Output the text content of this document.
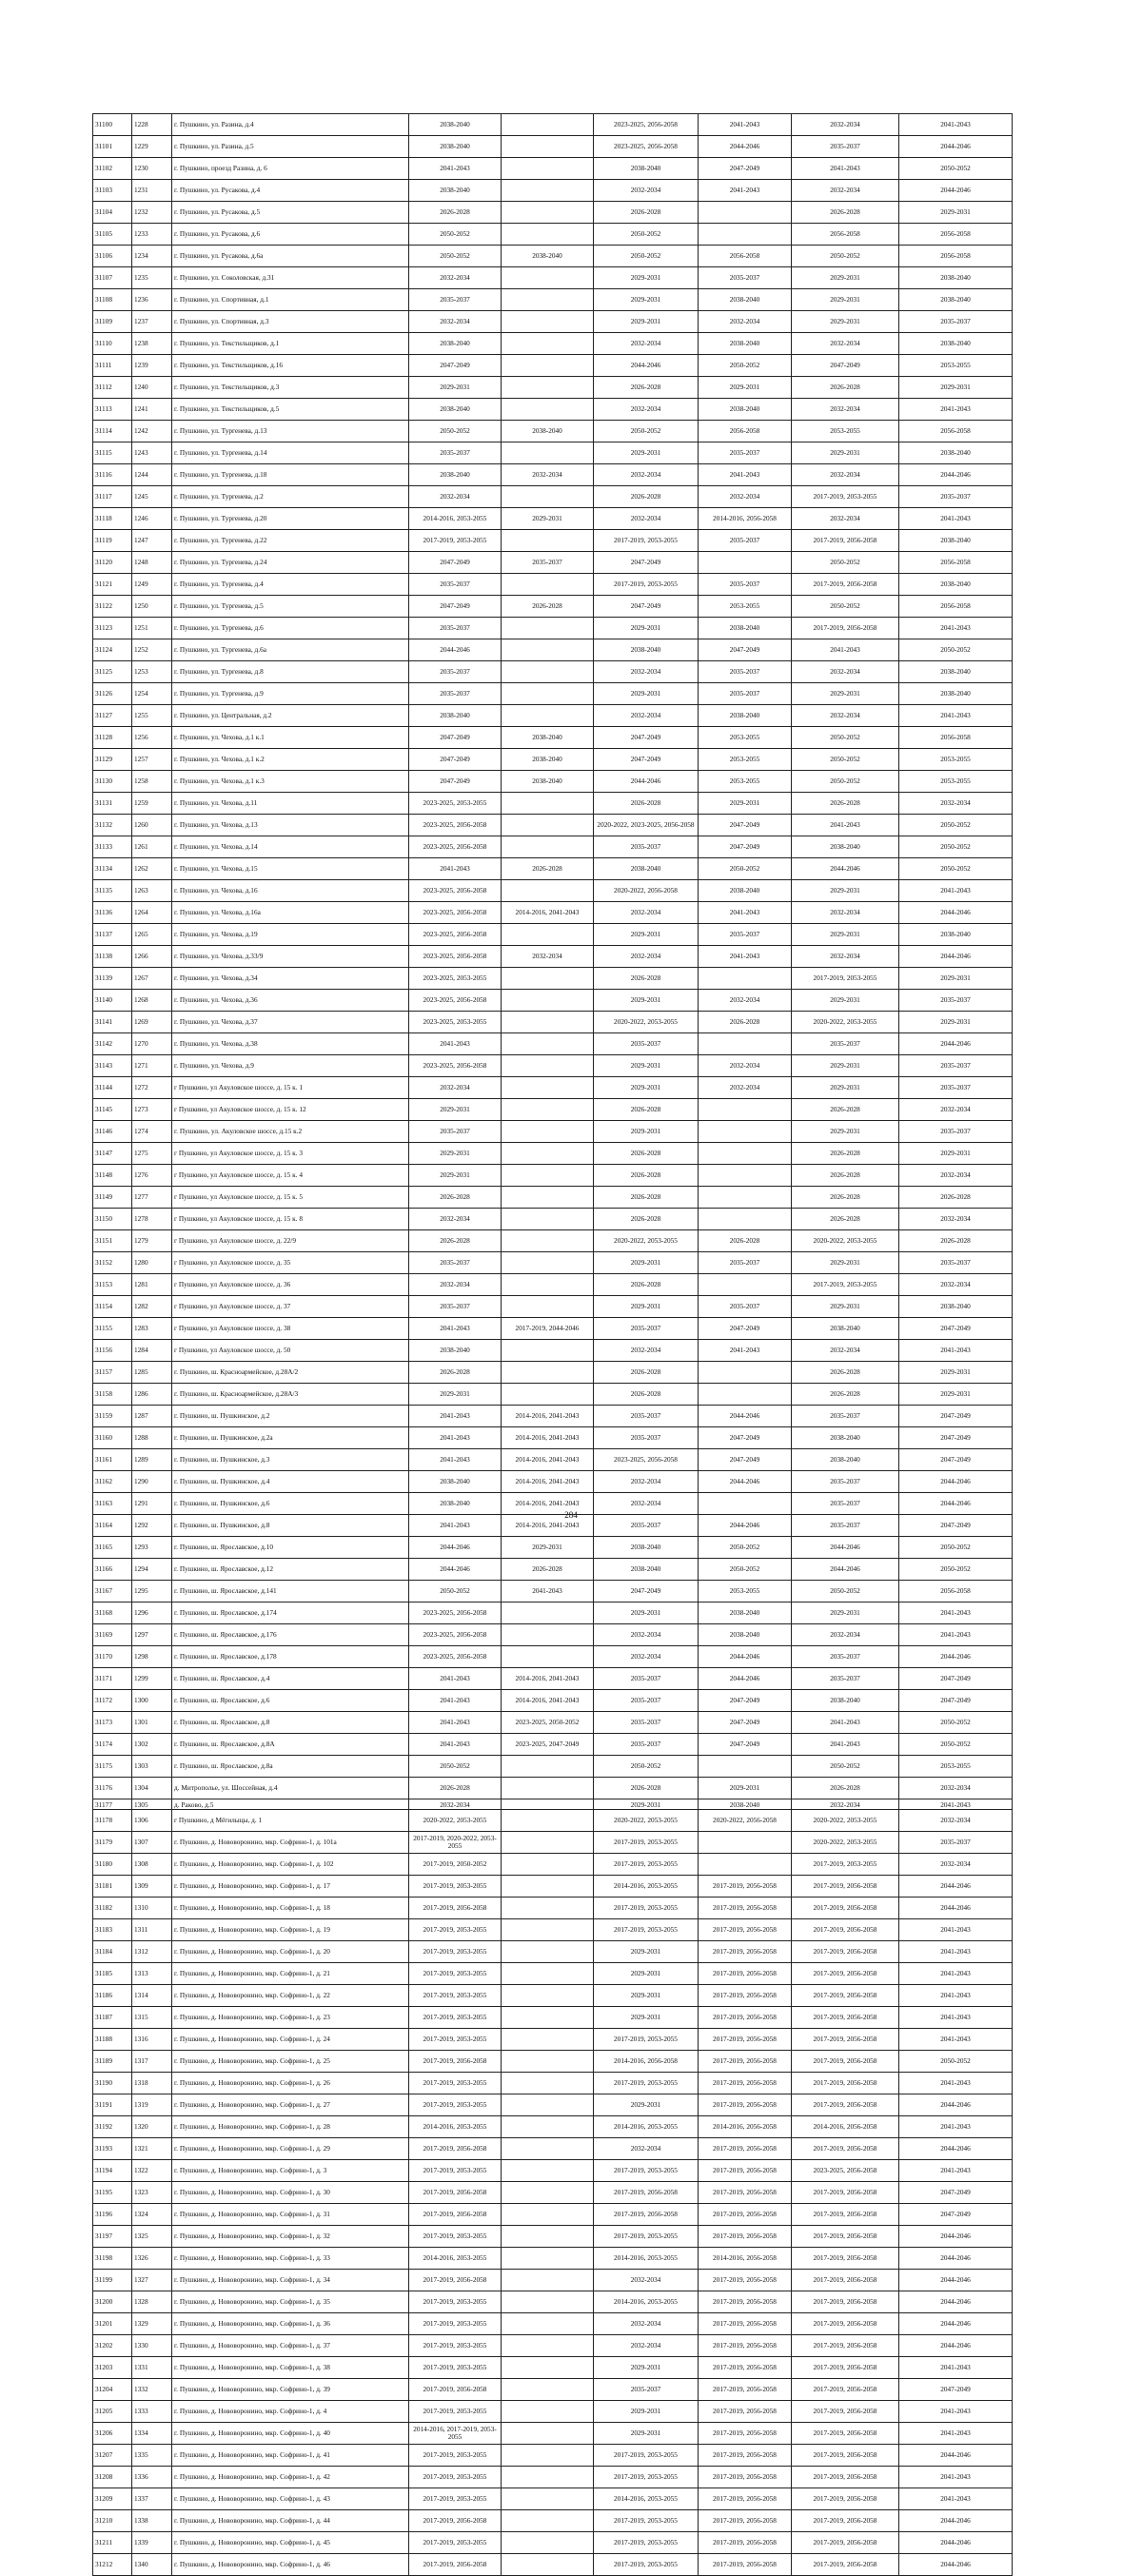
31100	1228	г. Пушкино, ул. Разина, д.4	2038-2040		2023-2025, 2056-2058	2041-2043	2032-2034	2041-2043
31101	1229	г. Пушкино, ул. Разина, д.5	2038-2040		2023-2025, 2056-2058	2044-2046	2035-2037	2044-2046
31102	1230	г. Пушкино, проезд Разина, д. 6	2041-2043		2038-2040	2047-2049	2041-2043	2050-2052
31103	1231	г. Пушкино, ул. Русакова, д.4	2038-2040		2032-2034	2041-2043	2032-2034	2044-2046
31104	1232	г. Пушкино, ул. Русакова, д.5	2026-2028		2026-2028		2026-2028	2029-2031
31105	1233	г. Пушкино, ул. Русакова, д.6	2050-2052		2050-2052		2056-2058	2056-2058
31106	1234	г. Пушкино, ул. Русакова, д.6а	2050-2052	2038-2040	2050-2052	2056-2058	2050-2052	2056-2058
31107	1235	г. Пушкино, ул. Соколовская, д.31	2032-2034		2029-2031	2035-2037	2029-2031	2038-2040
31108	1236	г. Пушкино, ул. Спортивная, д.1	2035-2037		2029-2031	2038-2040	2029-2031	2038-2040
31109	1237	г. Пушкино, ул. Спортивная, д.3	2032-2034		2029-2031	2032-2034	2029-2031	2035-2037
31110	1238	г. Пушкино, ул. Текстильщиков, д.1	2038-2040		2032-2034	2038-2040	2032-2034	2038-2040
31111	1239	г. Пушкино, ул. Текстильщиков, д.16	2047-2049		2044-2046	2050-2052	2047-2049	2053-2055
31112	1240	г. Пушкино, ул. Текстильщиков, д.3	2029-2031		2026-2028	2029-2031	2026-2028	2029-2031
31113	1241	г. Пушкино, ул. Текстильщиков, д.5	2038-2040		2032-2034	2038-2040	2032-2034	2041-2043
31114	1242	г. Пушкино, ул. Тургенева, д.13	2050-2052	2038-2040	2050-2052	2056-2058	2053-2055	2056-2058
31115	1243	г. Пушкино, ул. Тургенева, д.14	2035-2037		2029-2031	2035-2037	2029-2031	2038-2040
31116	1244	г. Пушкино, ул. Тургенева, д.18	2038-2040	2032-2034	2032-2034	2041-2043	2032-2034	2044-2046
31117	1245	г. Пушкино, ул. Тургенева, д.2	2032-2034		2026-2028	2032-2034	2017-2019, 2053-2055	2035-2037
31118	1246	г. Пушкино, ул. Тургенева, д.20	2014-2016, 2053-2055	2029-2031	2032-2034	2014-2016, 2056-2058	2032-2034	2041-2043
31119	1247	г. Пушкино, ул. Тургенева, д.22	2017-2019, 2053-2055		2017-2019, 2053-2055	2035-2037	2017-2019, 2056-2058	2038-2040
31120	1248	г. Пушкино, ул. Тургенева, д.24	2047-2049	2035-2037	2047-2049		2050-2052	2056-2058
31121	1249	г. Пушкино, ул. Тургенева, д.4	2035-2037		2017-2019, 2053-2055	2035-2037	2017-2019, 2056-2058	2038-2040
31122	1250	г. Пушкино, ул. Тургенева, д.5	2047-2049	2026-2028	2047-2049	2053-2055	2050-2052	2056-2058
31123	1251	г. Пушкино, ул. Тургенева, д.6	2035-2037		2029-2031	2038-2040	2017-2019, 2056-2058	2041-2043
31124	1252	г. Пушкино, ул. Тургенева, д.6а	2044-2046		2038-2040	2047-2049	2041-2043	2050-2052
31125	1253	г. Пушкино, ул. Тургенева, д.8	2035-2037		2032-2034	2035-2037	2032-2034	2038-2040
31126	1254	г. Пушкино, ул. Тургенева, д.9	2035-2037		2029-2031	2035-2037	2029-2031	2038-2040
31127	1255	г. Пушкино, ул. Центральная, д.2	2038-2040		2032-2034	2038-2040	2032-2034	2041-2043
31128	1256	г. Пушкино, ул. Чехова, д.1 к.1	2047-2049	2038-2040	2047-2049	2053-2055	2050-2052	2056-2058
31129	1257	г. Пушкино, ул. Чехова, д.1 к.2	2047-2049	2038-2040	2047-2049	2053-2055	2050-2052	2053-2055
31130	1258	г. Пушкино, ул. Чехова, д.1 к.3	2047-2049	2038-2040	2044-2046	2053-2055	2050-2052	2053-2055
31131	1259	г. Пушкино, ул. Чехова, д.11	2023-2025, 2053-2055		2026-2028	2029-2031	2026-2028	2032-2034
31132	1260	г. Пушкино, ул. Чехова, д.13	2023-2025, 2056-2058		2020-2022, 2023-2025, 2056-2058	2047-2049	2041-2043	2050-2052
31133	1261	г. Пушкино, ул. Чехова, д.14	2023-2025, 2056-2058		2035-2037	2047-2049	2038-2040	2050-2052
31134	1262	г. Пушкино, ул. Чехова, д.15	2041-2043	2026-2028	2038-2040	2050-2052	2044-2046	2050-2052
31135	1263	г. Пушкино, ул. Чехова, д.16	2023-2025, 2056-2058		2020-2022, 2056-2058	2038-2040	2029-2031	2041-2043
31136	1264	г. Пушкино, ул. Чехова, д.16а	2023-2025, 2056-2058	2014-2016, 2041-2043	2032-2034	2041-2043	2032-2034	2044-2046
31137	1265	г. Пушкино, ул. Чехова, д.19	2023-2025, 2056-2058		2029-2031	2035-2037	2029-2031	2038-2040
31138	1266	г. Пушкино, ул. Чехова, д.33/9	2023-2025, 2056-2058	2032-2034	2032-2034	2041-2043	2032-2034	2044-2046
31139	1267	г. Пушкино, ул. Чехова, д.34	2023-2025, 2053-2055		2026-2028		2017-2019, 2053-2055	2029-2031
31140	1268	г. Пушкино, ул. Чехова, д.36	2023-2025, 2056-2058		2029-2031	2032-2034	2029-2031	2035-2037
31141	1269	г. Пушкино, ул. Чехова, д.37	2023-2025, 2053-2055		2020-2022, 2053-2055	2026-2028	2020-2022, 2053-2055	2029-2031
31142	1270	г. Пушкино, ул. Чехова, д.38	2041-2043		2035-2037		2035-2037	2044-2046
31143	1271	г. Пушкино, ул. Чехова, д.9	2023-2025, 2056-2058		2029-2031	2032-2034	2029-2031	2035-2037
31144	1272	г Пушкино, ул Акуловское шоссе, д. 15 к. 1	2032-2034		2029-2031	2032-2034	2029-2031	2035-2037
31145	1273	г Пушкино, ул Акуловское шоссе, д. 15 к. 12	2029-2031		2026-2028		2026-2028	2032-2034
31146	1274	г. Пушкино, ул. Акуловское шоссе, д.15 к.2	2035-2037		2029-2031		2029-2031	2035-2037
31147	1275	г Пушкино, ул Акуловское шоссе, д. 15 к. 3	2029-2031		2026-2028		2026-2028	2029-2031
31148	1276	г Пушкино, ул Акуловское шоссе, д. 15 к. 4	2029-2031		2026-2028		2026-2028	2032-2034
31149	1277	г Пушкино, ул Акуловское шоссе, д. 15 к. 5	2026-2028		2026-2028		2026-2028	2026-2028
31150	1278	г Пушкино, ул Акуловское шоссе, д. 15 к. 8	2032-2034		2026-2028		2026-2028	2032-2034
31151	1279	г Пушкино, ул Акуловское шоссе, д. 22/9	2026-2028		2020-2022, 2053-2055	2026-2028	2020-2022, 2053-2055	2026-2028
31152	1280	г Пушкино, ул Акуловское шоссе, д. 35	2035-2037		2029-2031	2035-2037	2029-2031	2035-2037
31153	1281	г Пушкино, ул Акуловское шоссе, д. 36	2032-2034		2026-2028		2017-2019, 2053-2055	2032-2034
31154	1282	г Пушкино, ул Акуловское шоссе, д. 37	2035-2037		2029-2031	2035-2037	2029-2031	2038-2040
31155	1283	г Пушкино, ул Акуловское шоссе, д. 38	2041-2043	2017-2019, 2044-2046	2035-2037	2047-2049	2038-2040	2047-2049
31156	1284	г Пушкино, ул Акуловское шоссе, д. 50	2038-2040		2032-2034	2041-2043	2032-2034	2041-2043
31157	1285	г. Пушкино, ш. Красноармейское, д.28А/2	2026-2028		2026-2028		2026-2028	2029-2031
31158	1286	г. Пушкино, ш. Красноармейское, д.28А/3	2029-2031		2026-2028		2026-2028	2029-2031
31159	1287	г. Пушкино, ш. Пушкинское, д.2	2041-2043	2014-2016, 2041-2043	2035-2037	2044-2046	2035-2037	2047-2049
31160	1288	г. Пушкино, ш. Пушкинское, д.2а	2041-2043	2014-2016, 2041-2043	2035-2037	2047-2049	2038-2040	2047-2049
31161	1289	г. Пушкино, ш. Пушкинское, д.3	2041-2043	2014-2016, 2041-2043	2023-2025, 2056-2058	2047-2049	2038-2040	2047-2049
31162	1290	г. Пушкино, ш. Пушкинское, д.4	2038-2040	2014-2016, 2041-2043	2032-2034	2044-2046	2035-2037	2044-2046
31163	1291	г. Пушкино, ш. Пушкинское, д.6	2038-2040	2014-2016, 2041-2043	2032-2034		2035-2037	2044-2046
31164	1292	г. Пушкино, ш. Пушкинское, д.8	2041-2043	2014-2016, 2041-2043	2035-2037	2044-2046	2035-2037	2047-2049
31165	1293	г. Пушкино, ш. Ярославское, д.10	2044-2046	2029-2031	2038-2040	2050-2052	2044-2046	2050-2052
31166	1294	г. Пушкино, ш. Ярославское, д.12	2044-2046	2026-2028	2038-2040	2050-2052	2044-2046	2050-2052
31167	1295	г. Пушкино, ш. Ярославское, д.141	2050-2052	2041-2043	2047-2049	2053-2055	2050-2052	2056-2058
31168	1296	г. Пушкино, ш. Ярославское, д.174	2023-2025, 2056-2058		2029-2031	2038-2040	2029-2031	2041-2043
31169	1297	г. Пушкино, ш. Ярославское, д.176	2023-2025, 2056-2058		2032-2034	2038-2040	2032-2034	2041-2043
31170	1298	г. Пушкино, ш. Ярославское, д.178	2023-2025, 2056-2058		2032-2034	2044-2046	2035-2037	2044-2046
31171	1299	г. Пушкино, ш. Ярославское, д.4	2041-2043	2014-2016, 2041-2043	2035-2037	2044-2046	2035-2037	2047-2049
31172	1300	г. Пушкино, ш. Ярославское, д.6	2041-2043	2014-2016, 2041-2043	2035-2037	2047-2049	2038-2040	2047-2049
31173	1301	г. Пушкино, ш. Ярославское, д.8	2041-2043	2023-2025, 2050-2052	2035-2037	2047-2049	2041-2043	2050-2052
31174	1302	г. Пушкино, ш. Ярославское, д.8А	2041-2043	2023-2025, 2047-2049	2035-2037	2047-2049	2041-2043	2050-2052
31175	1303	г. Пушкино, ш. Ярославское, д.8а	2050-2052		2050-2052		2050-2052	2053-2055
31176	1304	д. Митрополье, ул. Шоссейная, д.4	2026-2028		2026-2028	2029-2031	2026-2028	2032-2034
31177	1305	д. Раково, д.5	2032-2034		2029-2031	2038-2040	2032-2034	2041-2043
31178	1306	г Пушкино, д Мёгилыцы, д. 1	2020-2022, 2053-2055		2020-2022, 2053-2055	2020-2022, 2056-2058	2020-2022, 2053-2055	2032-2034
31179	1307	г. Пушкино, д. Нововоронино, мкр. Софрино-1, д. 101а	2017-2019, 2020-2022, 2053-2055		2017-2019, 2053-2055		2020-2022, 2053-2055	2035-2037
31180	1308	г. Пушкино, д. Нововоронино, мкр. Софрино-1, д. 102	2017-2019, 2050-2052		2017-2019, 2053-2055		2017-2019, 2053-2055	2032-2034
31181	1309	г. Пушкино, д. Нововоронино, мкр. Софрино-1, д. 17	2017-2019, 2053-2055		2014-2016, 2053-2055	2017-2019, 2056-2058	2017-2019, 2056-2058	2044-2046
31182	1310	г. Пушкино, д. Нововоронино, мкр. Софрино-1, д. 18	2017-2019, 2056-2058		2017-2019, 2053-2055	2017-2019, 2056-2058	2017-2019, 2056-2058	2044-2046
31183	1311	г. Пушкино, д. Нововоронино, мкр. Софрино-1, д. 19	2017-2019, 2053-2055		2017-2019, 2053-2055	2017-2019, 2056-2058	2017-2019, 2056-2058	2041-2043
31184	1312	г. Пушкино, д. Нововоронино, мкр. Софрино-1, д. 20	2017-2019, 2053-2055		2029-2031	2017-2019, 2056-2058	2017-2019, 2056-2058	2041-2043
31185	1313	г. Пушкино, д. Нововоронино, мкр. Софрино-1, д. 21	2017-2019, 2053-2055		2029-2031	2017-2019, 2056-2058	2017-2019, 2056-2058	2041-2043
31186	1314	г. Пушкино, д. Нововоронино, мкр. Софрино-1, д. 22	2017-2019, 2053-2055		2029-2031	2017-2019, 2056-2058	2017-2019, 2056-2058	2041-2043
31187	1315	г. Пушкино, д. Нововоронино, мкр. Софрино-1, д. 23	2017-2019, 2053-2055		2029-2031	2017-2019, 2056-2058	2017-2019, 2056-2058	2041-2043
31188	1316	г. Пушкино, д. Нововоронино, мкр. Софрино-1, д. 24	2017-2019, 2053-2055		2017-2019, 2053-2055	2017-2019, 2056-2058	2017-2019, 2056-2058	2041-2043
31189	1317	г. Пушкино, д. Нововоронино, мкр. Софрино-1, д. 25	2017-2019, 2056-2058		2014-2016, 2056-2058	2017-2019, 2056-2058	2017-2019, 2056-2058	2050-2052
31190	1318	г. Пушкино, д. Нововоронино, мкр. Софрино-1, д. 26	2017-2019, 2053-2055		2017-2019, 2053-2055	2017-2019, 2056-2058	2017-2019, 2056-2058	2041-2043
31191	1319	г. Пушкино, д. Нововоронино, мкр. Софрино-1, д. 27	2017-2019, 2053-2055		2029-2031	2017-2019, 2056-2058	2017-2019, 2056-2058	2044-2046
31192	1320	г. Пушкино, д. Нововоронино, мкр. Софрино-1, д. 28	2014-2016, 2053-2055		2014-2016, 2053-2055	2014-2016, 2056-2058	2014-2016, 2056-2058	2041-2043
31193	1321	г. Пушкино, д. Нововоронино, мкр. Софрино-1, д. 29	2017-2019, 2056-2058		2032-2034	2017-2019, 2056-2058	2017-2019, 2056-2058	2044-2046
31194	1322	г. Пушкино, д. Нововоронино, мкр. Софрино-1, д. 3	2017-2019, 2053-2055		2017-2019, 2053-2055	2017-2019, 2056-2058	2023-2025, 2056-2058	2041-2043
31195	1323	г. Пушкино, д. Нововоронино, мкр. Софрино-1, д. 30	2017-2019, 2056-2058		2017-2019, 2056-2058	2017-2019, 2056-2058	2017-2019, 2056-2058	2047-2049
31196	1324	г. Пушкино, д. Нововоронино, мкр. Софрино-1, д. 31	2017-2019, 2056-2058		2017-2019, 2056-2058	2017-2019, 2056-2058	2017-2019, 2056-2058	2047-2049
31197	1325	г. Пушкино, д. Нововоронино, мкр. Софрино-1, д. 32	2017-2019, 2053-2055		2017-2019, 2053-2055	2017-2019, 2056-2058	2017-2019, 2056-2058	2044-2046
31198	1326	г. Пушкино, д. Нововоронино, мкр. Софрино-1, д. 33	2014-2016, 2053-2055		2014-2016, 2053-2055	2014-2016, 2056-2058	2017-2019, 2056-2058	2044-2046
31199	1327	г. Пушкино, д. Нововоронино, мкр. Софрино-1, д. 34	2017-2019, 2056-2058		2032-2034	2017-2019, 2056-2058	2017-2019, 2056-2058	2044-2046
31200	1328	г. Пушкино, д. Нововоронино, мкр. Софрино-1, д. 35	2017-2019, 2053-2055		2014-2016, 2053-2055	2017-2019, 2056-2058	2017-2019, 2056-2058	2044-2046
31201	1329	г. Пушкино, д. Нововоронино, мкр. Софрино-1, д. 36	2017-2019, 2053-2055		2032-2034	2017-2019, 2056-2058	2017-2019, 2056-2058	2044-2046
31202	1330	г. Пушкино, д. Нововоронино, мкр. Софрино-1, д. 37	2017-2019, 2053-2055		2032-2034	2017-2019, 2056-2058	2017-2019, 2056-2058	2044-2046
31203	1331	г. Пушкино, д. Нововоронино, мкр. Софрино-1, д. 38	2017-2019, 2053-2055		2029-2031	2017-2019, 2056-2058	2017-2019, 2056-2058	2041-2043
31204	1332	г. Пушкино, д. Нововоронино, мкр. Софрино-1, д. 39	2017-2019, 2056-2058		2035-2037	2017-2019, 2056-2058	2017-2019, 2056-2058	2047-2049
31205	1333	г. Пушкино, д. Нововоронино, мкр. Софрино-1, д. 4	2017-2019, 2053-2055		2029-2031	2017-2019, 2056-2058	2017-2019, 2056-2058	2041-2043
31206	1334	г. Пушкино, д. Нововоронино, мкр. Софрино-1, д. 40	2014-2016, 2017-2019, 2053-2055		2029-2031	2017-2019, 2056-2058	2017-2019, 2056-2058	2041-2043
31207	1335	г. Пушкино, д. Нововоронино, мкр. Софрино-1, д. 41	2017-2019, 2053-2055		2017-2019, 2053-2055	2017-2019, 2056-2058	2017-2019, 2056-2058	2044-2046
31208	1336	г. Пушкино, д. Нововоронино, мкр. Софрино-1, д. 42	2017-2019, 2053-2055		2017-2019, 2053-2055	2017-2019, 2056-2058	2017-2019, 2056-2058	2041-2043
31209	1337	г. Пушкино, д. Нововоронино, мкр. Софрино-1, д. 43	2017-2019, 2053-2055		2014-2016, 2053-2055	2017-2019, 2056-2058	2017-2019, 2056-2058	2041-2043
31210	1338	г. Пушкино, д. Нововоронино, мкр. Софрино-1, д. 44	2017-2019, 2056-2058		2017-2019, 2053-2055	2017-2019, 2056-2058	2017-2019, 2056-2058	2044-2046
31211	1339	г. Пушкино, д. Нововоронино, мкр. Софрино-1, д. 45	2017-2019, 2053-2055		2017-2019, 2053-2055	2017-2019, 2056-2058	2017-2019, 2056-2058	2044-2046
31212	1340	г. Пушкино, д. Нововоронино, мкр. Софрино-1, д. 46	2017-2019, 2056-2058		2017-2019, 2053-2055	2017-2019, 2056-2058	2017-2019, 2056-2058	2044-2046
284
